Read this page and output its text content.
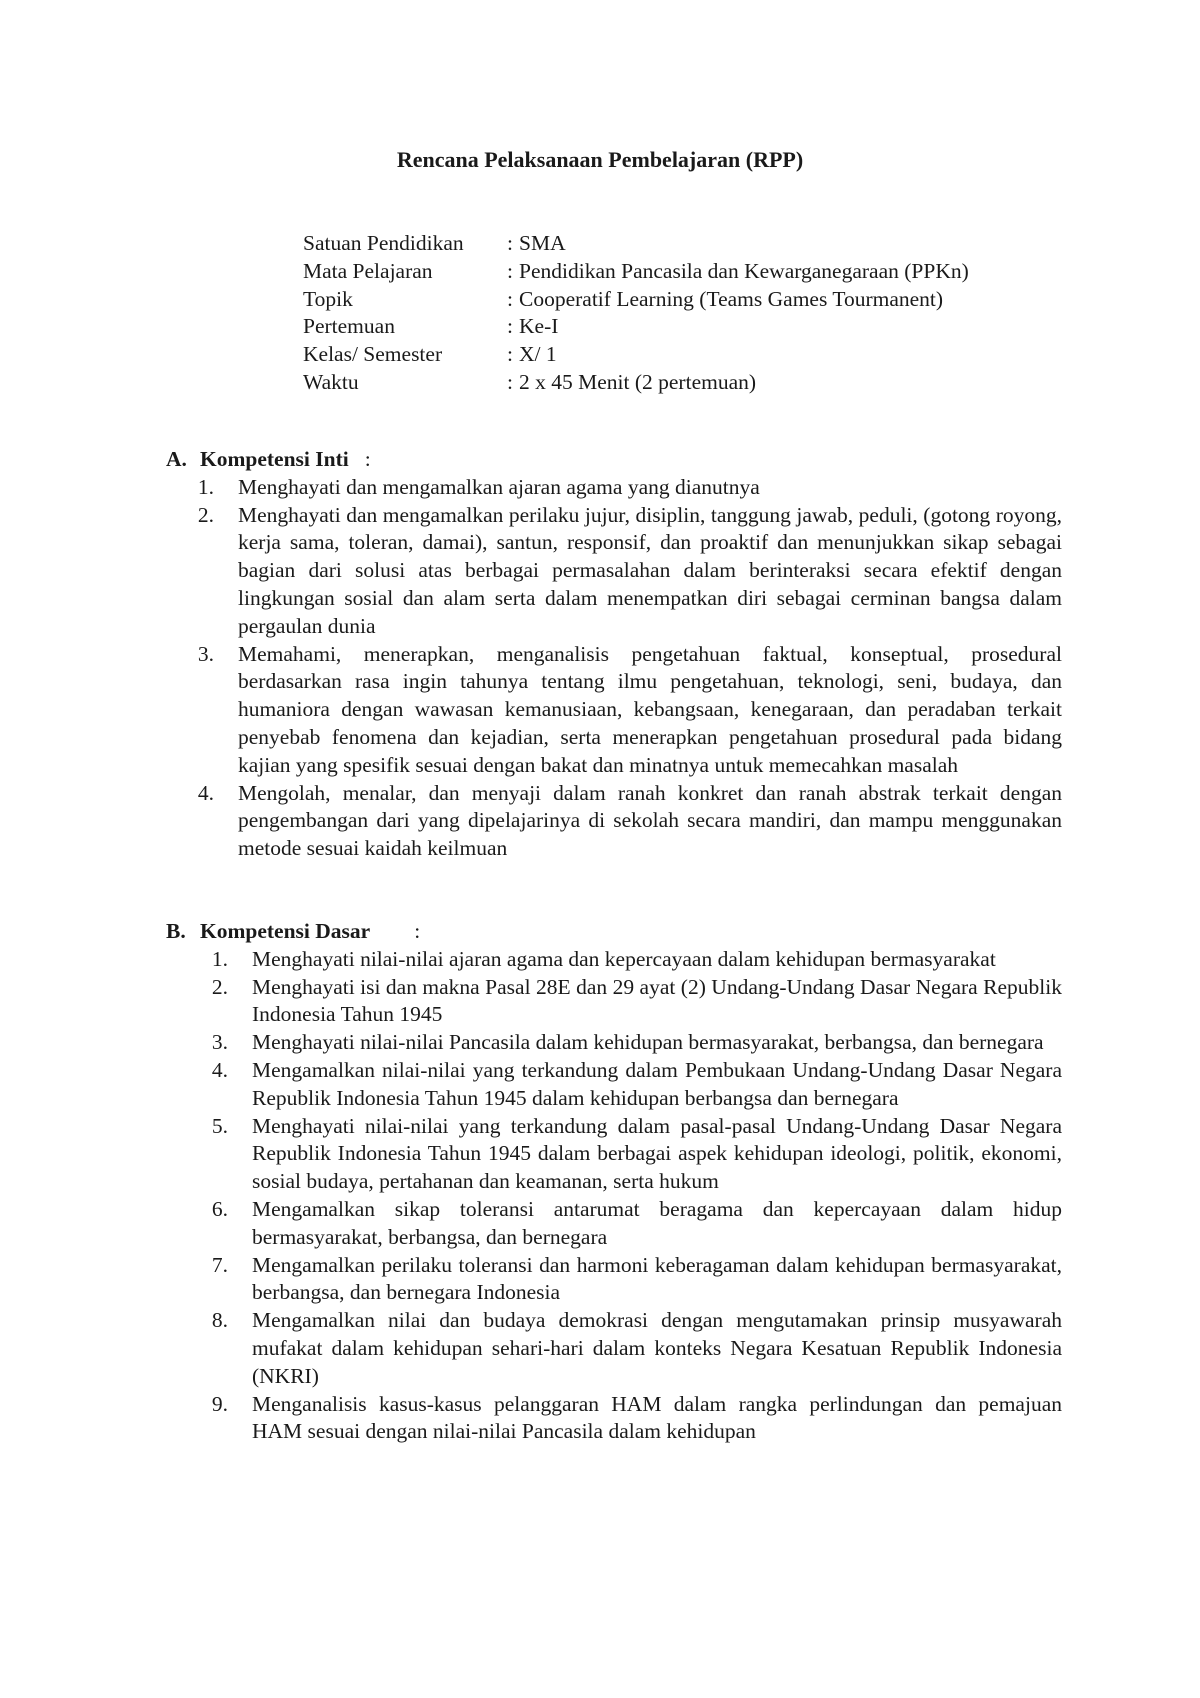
Rencana Pelaksanaan Pembelajaran (RPP)
Satuan Pendidikan	: SMA
Mata Pelajaran	: Pendidikan Pancasila dan Kewarganegaraan (PPKn)
Topik	: Cooperatif Learning (Teams Games Tourmanent)
Pertemuan	: Ke-I
Kelas/ Semester	: X/ 1
Waktu	: 2 x 45 Menit (2 pertemuan)
A. Kompetensi Inti :
1. Menghayati dan mengamalkan ajaran agama yang dianutnya
2. Menghayati dan mengamalkan perilaku jujur, disiplin, tanggung jawab, peduli, (gotong royong, kerja sama, toleran, damai), santun, responsif, dan proaktif dan menunjukkan sikap sebagai bagian dari solusi atas berbagai permasalahan dalam berinteraksi secara efektif dengan lingkungan sosial dan alam serta dalam menempatkan diri sebagai cerminan bangsa dalam pergaulan dunia
3. Memahami, menerapkan, menganalisis pengetahuan faktual, konseptual, prosedural berdasarkan rasa ingin tahunya tentang ilmu pengetahuan, teknologi, seni, budaya, dan humaniora dengan wawasan kemanusiaan, kebangsaan, kenegaraan, dan peradaban terkait penyebab fenomena dan kejadian, serta menerapkan pengetahuan prosedural pada bidang kajian yang spesifik sesuai dengan bakat dan minatnya untuk memecahkan masalah
4. Mengolah, menalar, dan menyaji dalam ranah konkret dan ranah abstrak terkait dengan pengembangan dari yang dipelajarinya di sekolah secara mandiri, dan mampu menggunakan metode sesuai kaidah keilmuan
B. Kompetensi Dasar :
1. Menghayati nilai-nilai ajaran agama dan kepercayaan dalam kehidupan bermasyarakat
2. Menghayati isi dan makna Pasal 28E dan 29 ayat (2) Undang-Undang Dasar Negara Republik Indonesia Tahun 1945
3. Menghayati nilai-nilai Pancasila dalam kehidupan bermasyarakat, berbangsa, dan bernegara
4. Mengamalkan nilai-nilai yang terkandung dalam Pembukaan Undang-Undang Dasar Negara Republik Indonesia Tahun 1945 dalam kehidupan berbangsa dan bernegara
5. Menghayati nilai-nilai yang terkandung dalam pasal-pasal Undang-Undang Dasar Negara Republik Indonesia Tahun 1945 dalam berbagai aspek kehidupan ideologi, politik, ekonomi, sosial budaya, pertahanan dan keamanan, serta hukum
6. Mengamalkan sikap toleransi antarumat beragama dan kepercayaan dalam hidup bermasyarakat, berbangsa, dan bernegara
7. Mengamalkan perilaku toleransi dan harmoni keberagaman dalam kehidupan bermasyarakat, berbangsa, dan bernegara Indonesia
8. Mengamalkan nilai dan budaya demokrasi dengan mengutamakan prinsip musyawarah mufakat dalam kehidupan sehari-hari dalam konteks Negara Kesatuan Republik Indonesia (NKRI)
9. Menganalisis kasus-kasus pelanggaran HAM dalam rangka perlindungan dan pemajuan HAM sesuai dengan nilai-nilai Pancasila dalam kehidupan
